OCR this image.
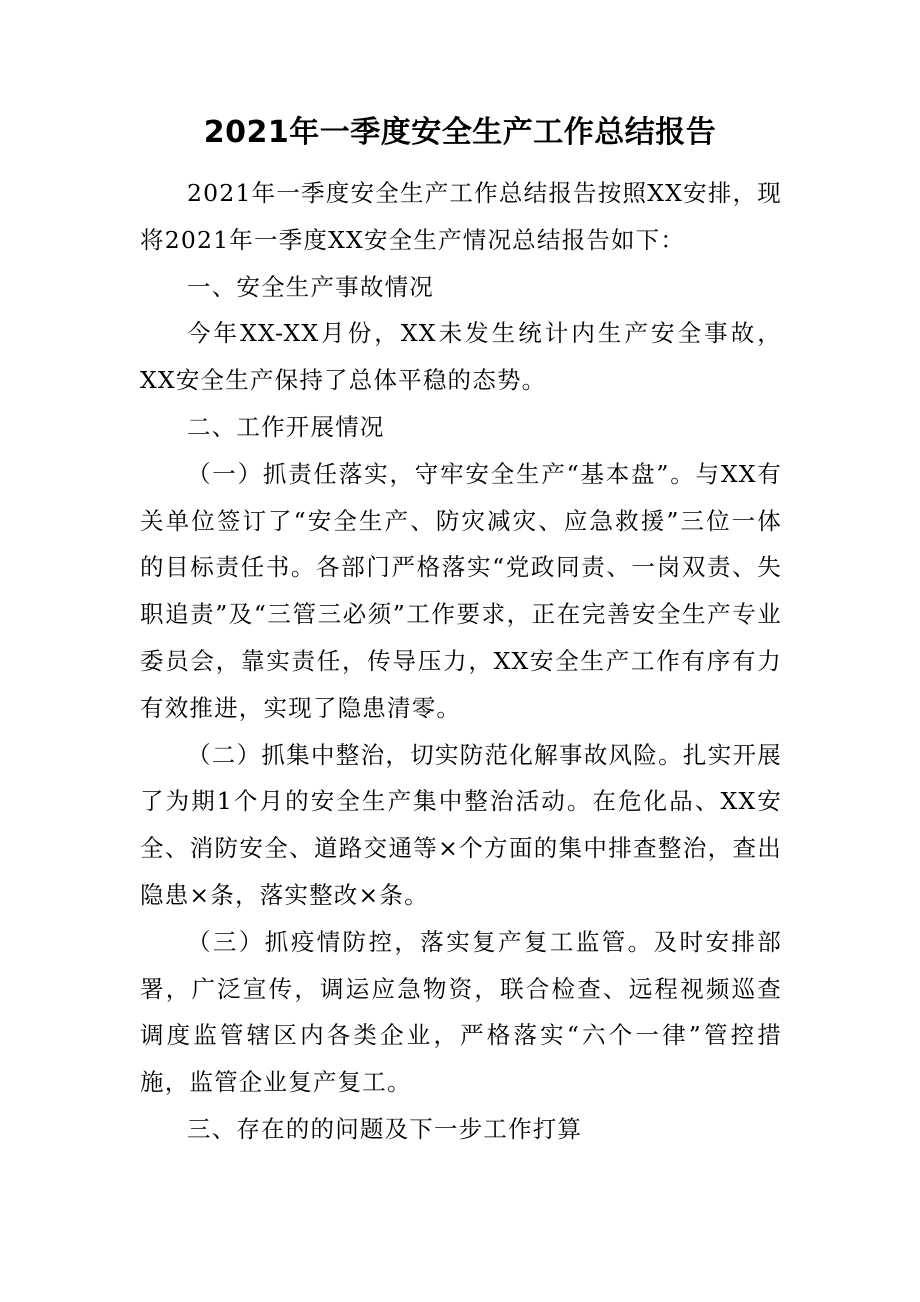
2021年一季度安全生产工作总结报告

2021年一季度安全生产工作总结报告按照XX安排，现将2021年一季度XX安全生产情况总结报告如下：

一、安全生产事故情况

今年XX-XX月份，XX未发生统计内生产安全事故，XX安全生产保持了总体平稳的态势。

二、工作开展情况

（一）抓责任落实，守牢安全生产“基本盘”。与XX有关单位签订了“安全生产、防灾减灾、应急救援”三位一体的目标责任书。各部门严格落实“党政同责、一岗双责、失职追责”及“三管三必须”工作要求，正在完善安全生产专业委员会，靠实责任，传导压力，XX安全生产工作有序有力有效推进，实现了隐患清零。

（二）抓集中整治，切实防范化解事故风险。扎实开展了为期1个月的安全生产集中整治活动。在危化品、XX安全、消防安全、道路交通等×个方面的集中排查整治，查出隐患×条，落实整改×条。

（三）抓疫情防控，落实复产复工监管。及时安排部署，广泛宣传，调运应急物资，联合检查、远程视频巡查调度监管辖区内各类企业，严格落实“六个一律”管控措施，监管企业复产复工。

三、存在的的问题及下一步工作打算
